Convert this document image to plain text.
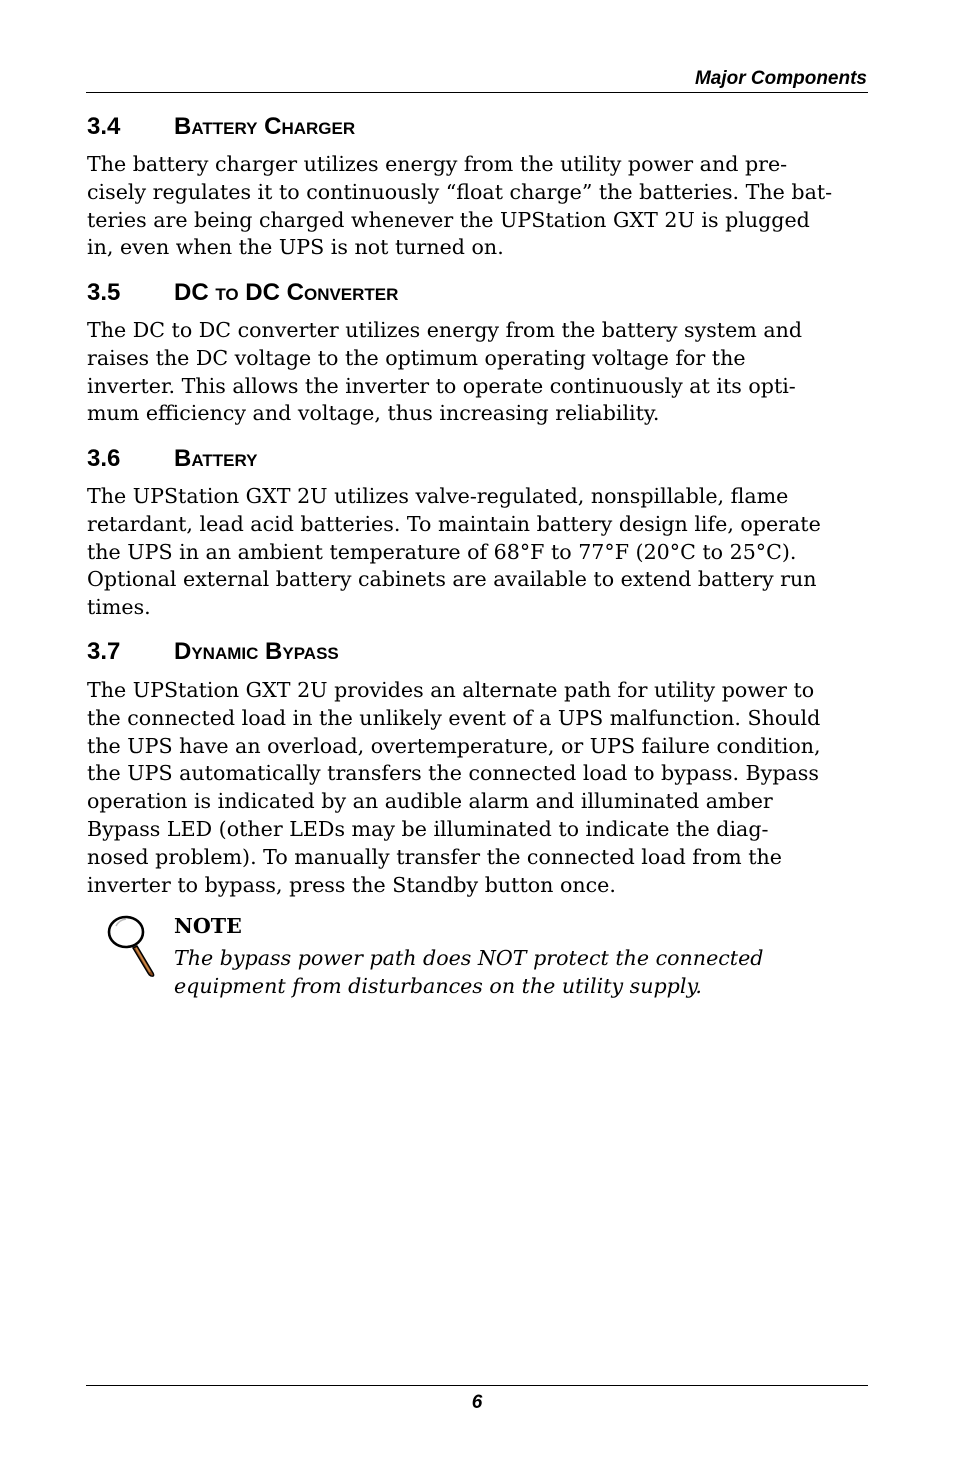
Major Components
3.4 Battery Charger
The battery charger utilizes energy from the utility power and pre-
cisely regulates it to continuously “float charge” the batteries. The bat-
teries are being charged whenever the UPStation GXT 2U is plugged
in, even when the UPS is not turned on.
3.5 DC to DC Converter
The DC to DC converter utilizes energy from the battery system and
raises the DC voltage to the optimum operating voltage for the
inverter. This allows the inverter to operate continuously at its opti-
mum efficiency and voltage, thus increasing reliability.
3.6 Battery
The UPStation GXT 2U utilizes valve-regulated, nonspillable, flame
retardant, lead acid batteries. To maintain battery design life, operate
the UPS in an ambient temperature of 68°F to 77°F (20°C to 25°C).
Optional external battery cabinets are available to extend battery run
times.
3.7 Dynamic Bypass
The UPStation GXT 2U provides an alternate path for utility power to
the connected load in the unlikely event of a UPS malfunction. Should
the UPS have an overload, overtemperature, or UPS failure condition,
the UPS automatically transfers the connected load to bypass. Bypass
operation is indicated by an audible alarm and illuminated amber
Bypass LED (other LEDs may be illuminated to indicate the diag-
nosed problem). To manually transfer the connected load from the
inverter to bypass, press the Standby button once.
NOTE
The bypass power path does NOT protect the connected
equipment from disturbances on the utility supply.
6
